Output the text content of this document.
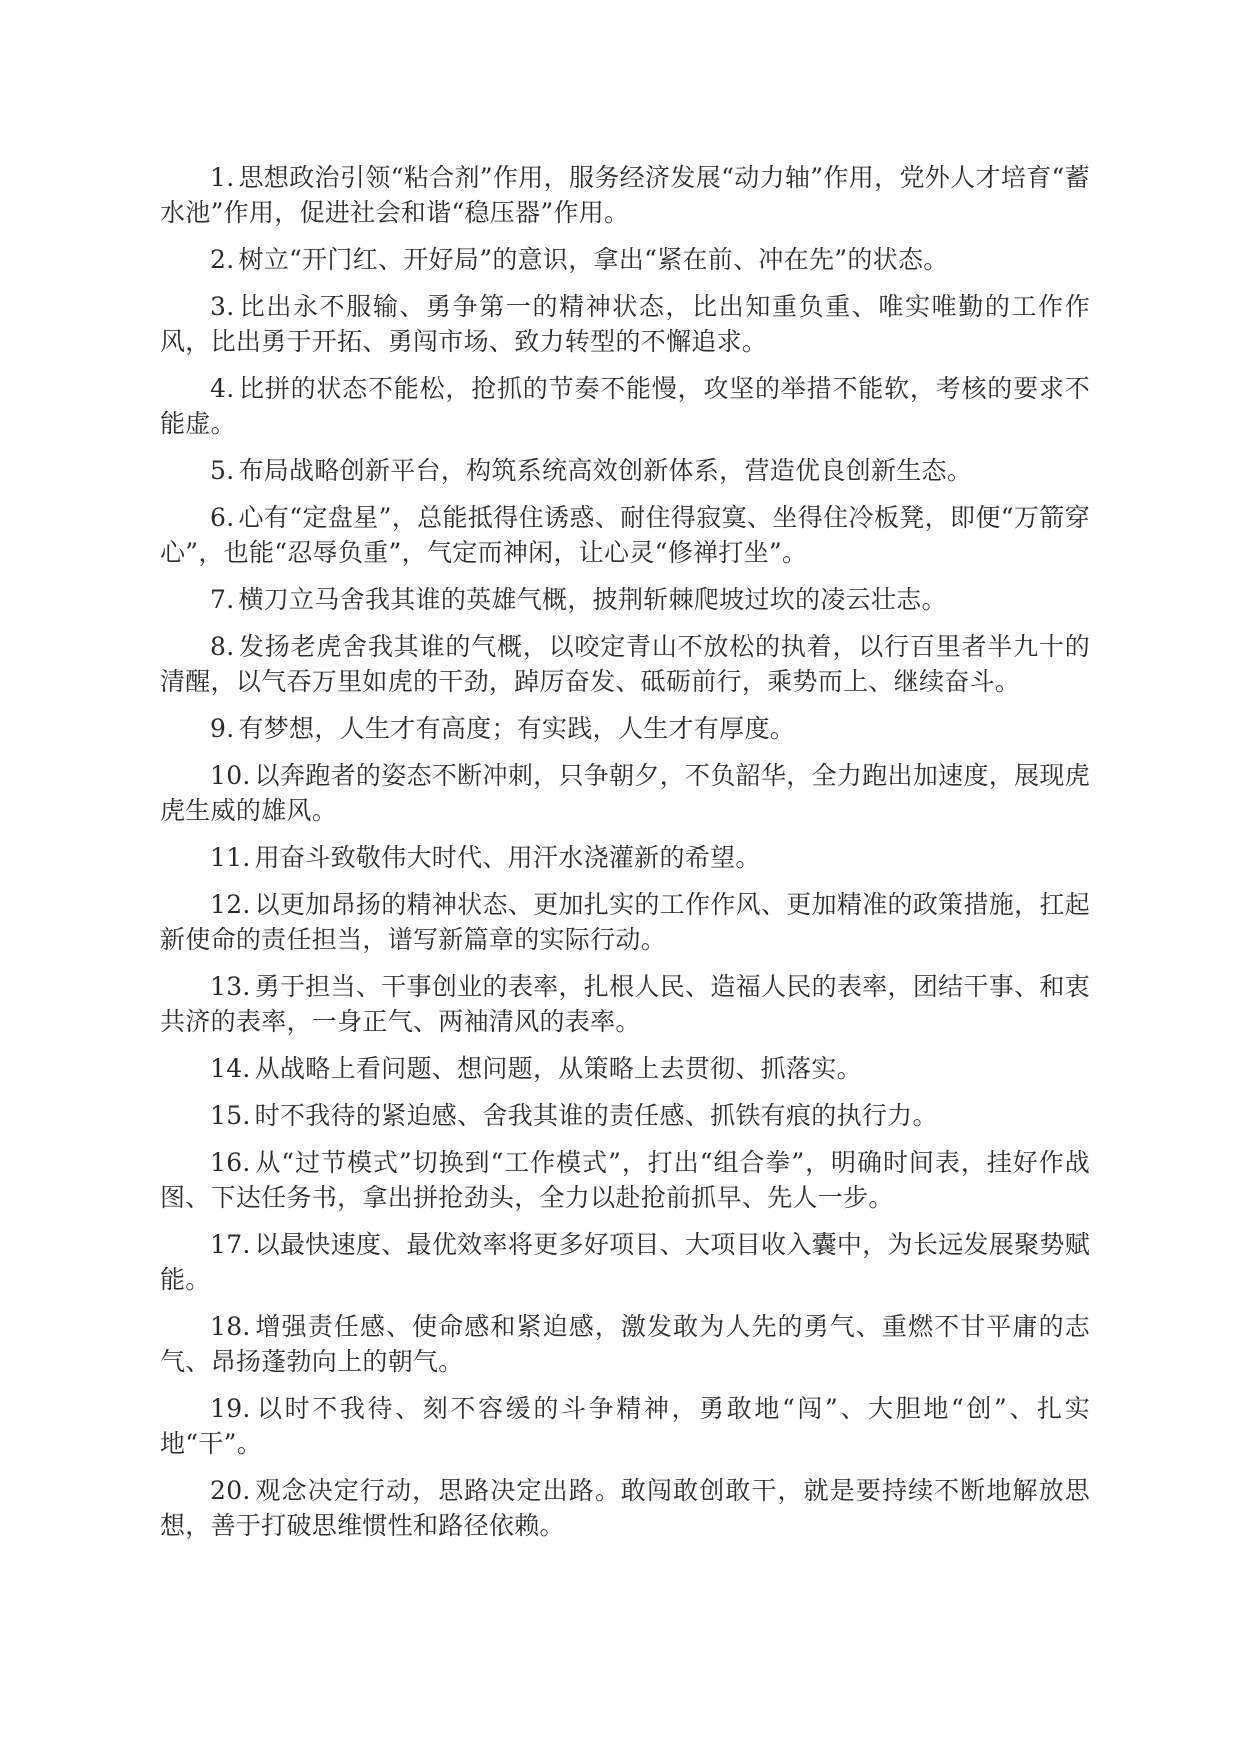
1. 思想政治引领“粘合剂”作用，服务经济发展“动力轴”作用，党外人才培育“蓄水池”作用，促进社会和谐“稳压器”作用。

2. 树立“开门红、开好局”的意识，拿出“紧在前、冲在先”的状态。

3. 比出永不服输、勇争第一的精神状态，比出知重负重、唯实唯勤的工作作风，比出勇于开拓、勇闯市场、致力转型的不懈追求。

4. 比拼的状态不能松，抢抓的节奏不能慢，攻坚的举措不能软，考核的要求不能虚。

5. 布局战略创新平台，构筑系统高效创新体系，营造优良创新生态。

6. 心有“定盘星”，总能抵得住诱惑、耐住得寂寞、坐得住冷板凳，即便“万箭穿心”，也能“忍辱负重”，气定而神闲，让心灵“修禅打坐”。

7. 横刀立马舍我其谁的英雄气概，披荆斩棘爬坡过坎的凌云壮志。

8. 发扬老虎舍我其谁的气概，以咬定青山不放松的执着，以行百里者半九十的清醒，以气吞万里如虎的干劲，踔厉奋发、砥砺前行，乘势而上、继续奋斗。

9. 有梦想，人生才有高度；有实践，人生才有厚度。

10. 以奔跑者的姿态不断冲刺，只争朝夕，不负韶华，全力跑出加速度，展现虎虎生威的雄风。

11. 用奋斗致敬伟大时代、用汗水浇灌新的希望。

12. 以更加昂扬的精神状态、更加扎实的工作作风、更加精准的政策措施，扛起新使命的责任担当，谱写新篇章的实际行动。

13. 勇于担当、干事创业的表率，扎根人民、造福人民的表率，团结干事、和衷共济的表率，一身正气、两袖清风的表率。

14. 从战略上看问题、想问题，从策略上去贯彻、抓落实。

15. 时不我待的紧迫感、舍我其谁的责任感、抓铁有痕的执行力。

16. 从“过节模式”切换到“工作模式”，打出“组合拳”，明确时间表，挂好作战图、下达任务书，拿出拼抢劲头，全力以赴抢前抓早、先人一步。

17. 以最快速度、最优效率将更多好项目、大项目收入囊中，为长远发展聚势赋能。

18. 增强责任感、使命感和紧迫感，激发敢为人先的勇气、重燃不甘平庸的志气、昂扬蓬勃向上的朝气。

19. 以时不我待、刻不容缓的斗争精神，勇敢地“闯”、大胆地“创”、扎实地“干”。

20. 观念决定行动，思路决定出路。敢闯敢创敢干，就是要持续不断地解放思想，善于打破思维惯性和路径依赖。
